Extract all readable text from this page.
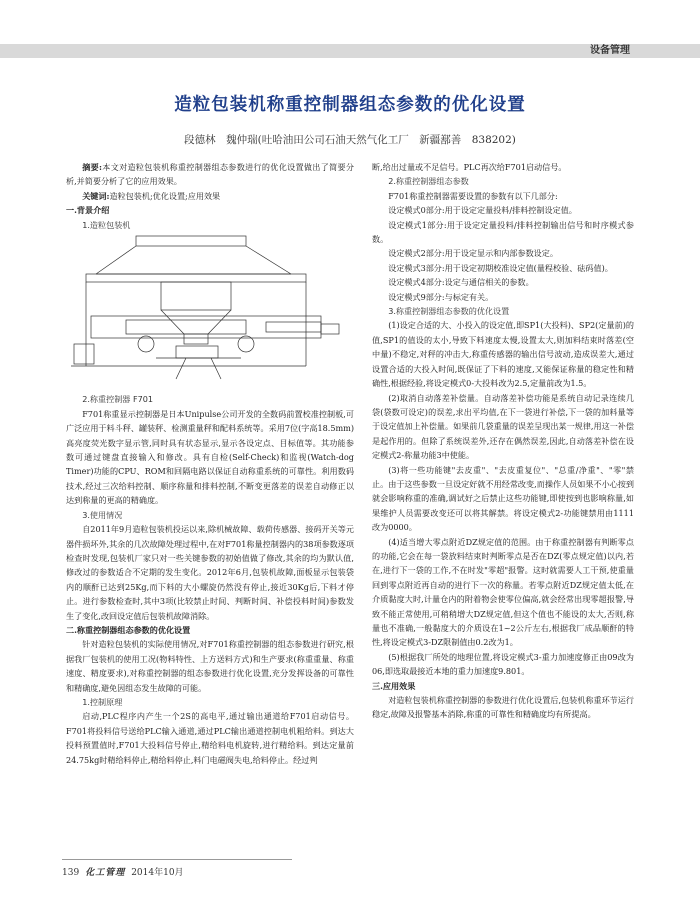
设备管理
造粒包装机称重控制器组态参数的优化设置
段德林　魏仲瑞(吐哈油田公司石油天然气化工厂　新疆鄯善　838202)

摘要:本文对造粒包装机称重控制器组态参数进行的优化设置做出了简要分析,并简要分析了它的应用效果。

关键词:造粒包装机;优化设置;应用效果

一.背景介绍
1.造粒包装机
2.称重控制器 F701

F701称重显示控制器是日本Unipulse公司开发的全数码前置校准控制板,可广泛应用于料斗秤、罐装秤、检测重量秤和配料系统等。采用7位(字高18.5mm)高亮度荧光数字显示管,同时具有状态显示,显示各设定点、目标值等。其功能参数可通过键盘直接输入和修改。具有自检(Self-Check)和监视(Watch-dog Timer)功能的CPU、ROM和回隔电路以保证自动称重系统的可靠性。利用数码技术,经过三次给料控制、顺序称量和排料控制,不断变更落差的误差自动修正以达到称量的更高的精确度。

3.使用情况

自2011年9月造粒包装机投运以来,除机械故障、载荷传感器、接码开关等元器件损坏外,其余的几次故障处理过程中,在对F701称量控制器内的38项参数逐项检查时发现,包装机厂家只对一些关键参数的初始值做了修改,其余的均为默认值,修改过的参数适合不定期的发生变化。2012年6月,包装机故障,面板显示包装袋内的顺酐已达到25Kg,而下料的大小螺旋仍然没有停止,接近30Kg后,下料才停止。进行参数检查时,其中3项(比较禁止时间、判断时间、补偿投料时间)参数发生了变化,改回设定值后包装机故障消除。

二.称重控制器组态参数的优化设置

针对造粒包装机的实际使用情况,对F701称重控制器的组态参数进行研究,根据我厂包装机的使用工况(物料特性、上方送料方式)和生产要求(称重重量、称重速度、精度要求),对称重控制器的组态参数进行优化设置,充分发挥设备的可靠性和精确度,避免因组态发生故障的可能。

1.控制原理

启动,PLC程序内产生一个2S的高电平,通过输出通道给F701启动信号。F701将投料信号送给PLC输入通道,通过PLC输出通道控制电机粗给料。到达大投料预置值时,F701大投料信号停止,精给料电机旋转,进行精给料。到达定量前24.75kg时精给料停止,精给料停止,料门电磁阀失电,给料停止。经过判

断,给出过量或不足信号。PLC再次给F701启动信号。

2.称重控制器组态参数

F701称重控制器需要设置的参数有以下几部分:

设定模式0部分:用于设定定量投料/排料控制设定值。

设定模式1部分:用于设定定量投料/排料控制输出信号和时序模式参数。

设定模式2部分:用于设定显示和内部参数设定。

设定模式3部分:用于设定初期校准设定值(量程校验、砝码值)。

设定模式4部分:设定与通信相关的参数。

设定模式9部分:与标定有关。

3.称重控制器组态参数的优化设置

(1)设定合适的大、小投入的设定值,即SP1(大投料)、SP2(定量前)的值,SP1的值设的太小,导致下料速度太慢,设置太大,则加料结束时落差(空中量)不稳定,对秤的冲击大,称重传感器的输出信号波动,造成误差大,通过设置合适的大投入时间,既保证了下料的速度,又能保证称量的稳定性和精确性,根据经验,将设定模式0-大投料改为2.5,定量前改为1.5。

(2)取消自动落差补偿量。自动落差补偿功能是系统自动记录连续几袋(袋数可设定)的误差,求出平均值,在下一袋进行补偿,下一袋的加料量等于设定值加上补偿量。如果前几袋重量的误差呈现出某一规律,用这一补偿是起作用的。但除了系统误差外,还存在偶然误差,因此,自动落差补偿在设定模式2-称量功能3中使能。

(3)将一些功能键"去皮重"、"去皮重复位"、"总重/净重"、"零"禁止。由于这些参数一旦设定好就不用经常改变,而操作人员如果不小心按到就会影响称重的准确,调试好之后禁止这些功能键,即使按到也影响称量,如果维护人员需要改变还可以将其解禁。将设定模式2-功能键禁用由1111改为0000。

(4)适当增大零点附近DZ规定值的范围。由于称重控制器有判断零点的功能,它会在每一袋放料结束时判断零点是否在DZ(零点规定值)以内,若在,进行下一袋的工作,不在时发"零超"报警。这时就需要人工干预,使重量回到零点附近再自动的进行下一次的称量。若零点附近DZ规定值太低,在介质黏度大时,计量仓内的附着物会使零位偏高,就会经常出现零超报警,导致不能正常使用,可稍稍增大DZ规定值,但这个值也不能设的太大,否则,称量也不准确,一般黏度大的介质设在1~2公斤左右,根据我厂成品顺酐的特性,将设定模式3-DZ限制值由0.2改为1。

(5)根据我厂所处的地理位置,将设定模式3-重力加速度修正由09改为06,即选取最接近本地的重力加速度9.801。

三.应用效果

对造粒包装机称重控制器的参数进行优化设置后,包装机称重环节运行稳定,故障及报警基本消除,称重的可靠性和精确度均有所提高。

139 化工管理 2014年10月
